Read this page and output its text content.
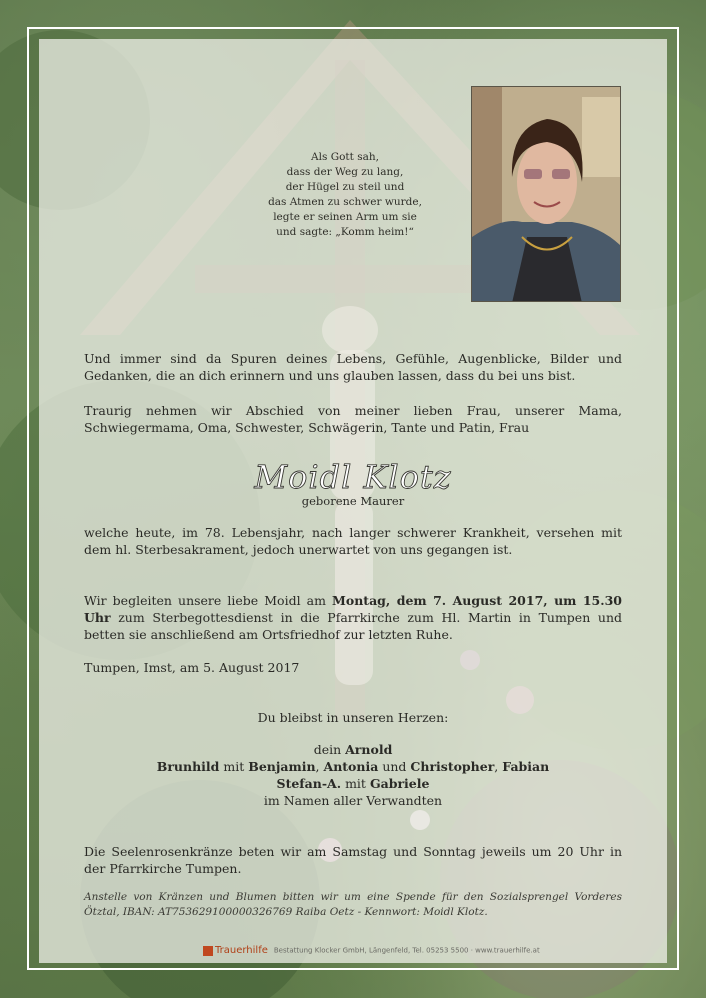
Als Gott sah,
dass der Weg zu lang,
der Hügel zu steil und
das Atmen zu schwer wurde,
legte er seinen Arm um sie
und sagte: „Komm heim!“
Und immer sind da Spuren deines Lebens, Gefühle, Augenblicke, Bilder und Gedanken, die an dich erinnern und uns glauben lassen, dass du bei uns bist.
Traurig nehmen wir Abschied von meiner lieben Frau, unserer Mama, Schwiegermama, Oma, Schwester, Schwägerin, Tante und Patin, Frau
Moidl Klotz
geborene Maurer
welche heute, im 78. Lebensjahr, nach langer schwerer Krankheit, versehen mit dem hl. Sterbesakrament, jedoch unerwartet von uns gegangen ist.
Wir begleiten unsere liebe Moidl am Montag, dem 7. August 2017, um 15.30 Uhr zum Sterbegottesdienst in die Pfarrkirche zum Hl. Martin in Tumpen und betten sie anschließend am Ortsfriedhof zur letzten Ruhe.
Tumpen, Imst, am 5. August 2017
Du bleibst in unseren Herzen:
dein Arnold
Brunhild mit Benjamin, Antonia und Christopher, Fabian
Stefan-A. mit Gabriele
im Namen aller Verwandten
Die Seelenrosenkränze beten wir am Samstag und Sonntag jeweils um 20 Uhr in der Pfarrkirche Tumpen.
Anstelle von Kränzen und Blumen bitten wir um eine Spende für den Sozialsprengel Vorderes Ötztal, IBAN: AT753629100000326769 Raiba Oetz - Kennwort: Moidl Klotz.
Trauerhilfe Bestattung Klocker GmbH, Längenfeld, Tel. 05253 5500 · www.trauerhilfe.at
